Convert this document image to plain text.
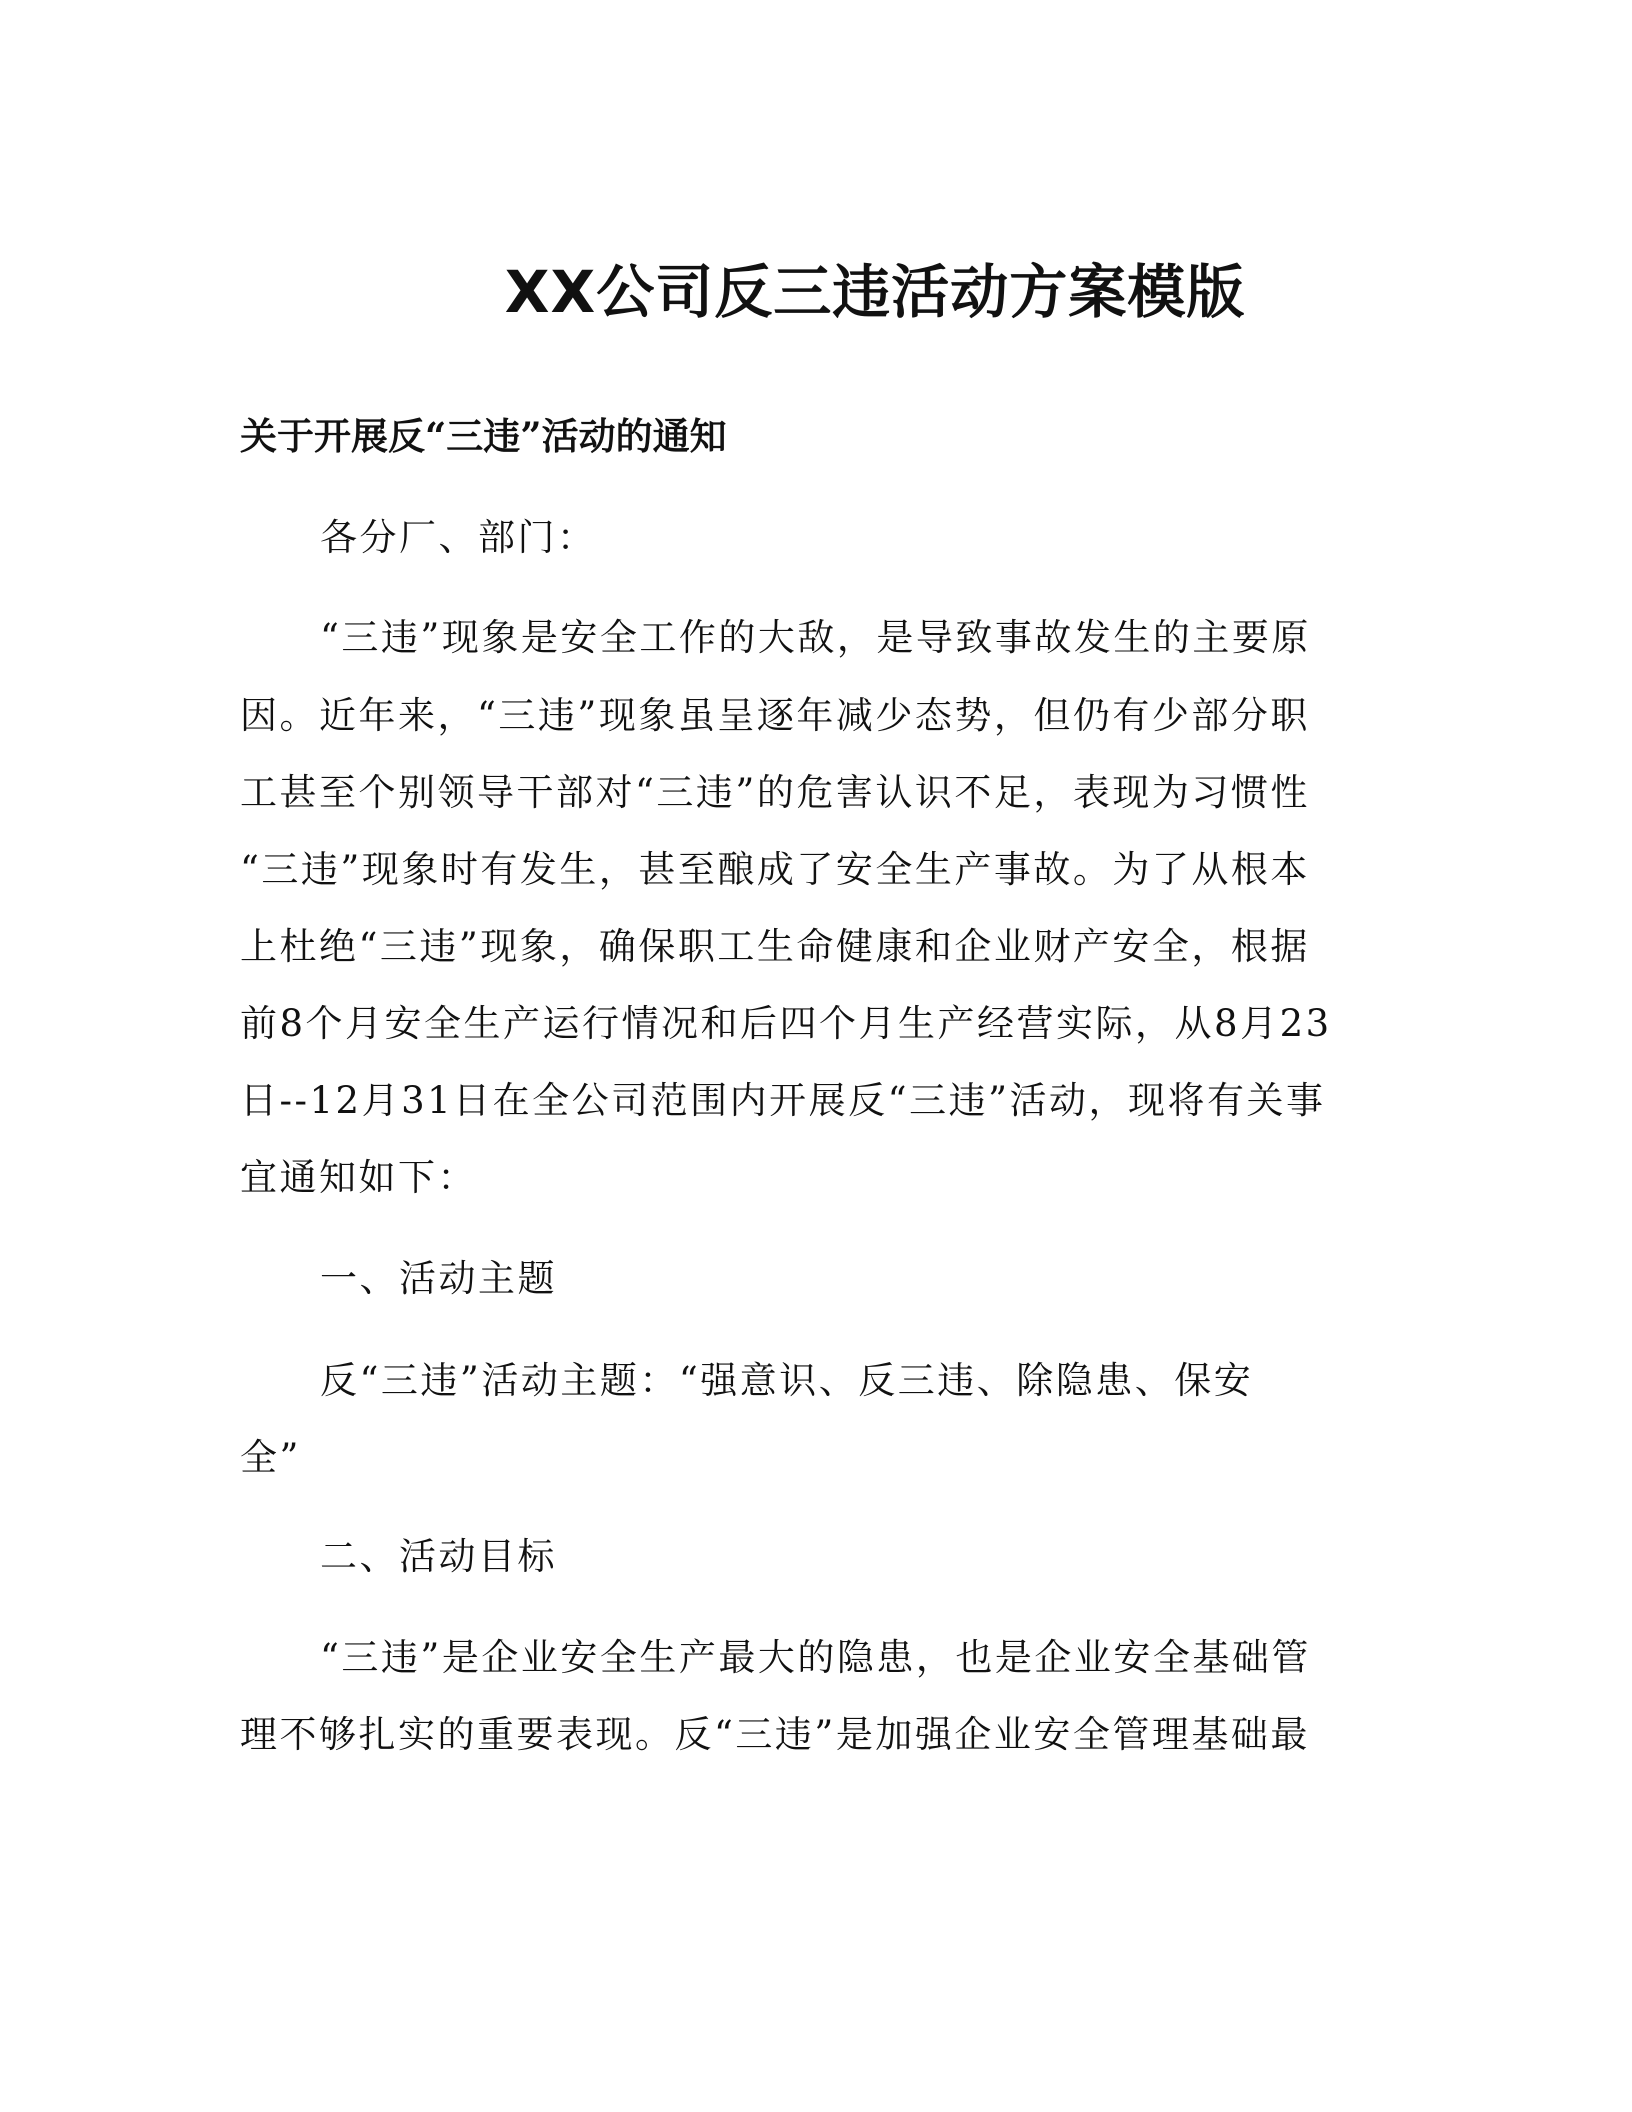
XX公司反三违活动方案模版
关于开展反“三违”活动的通知
各分厂、部门：
“三违”现象是安全工作的大敌，是导致事故发生的主要原
因。近年来，“三违”现象虽呈逐年减少态势，但仍有少部分职
工甚至个别领导干部对“三违”的危害认识不足，表现为习惯性
“三违”现象时有发生，甚至酿成了安全生产事故。为了从根本
上杜绝“三违”现象，确保职工生命健康和企业财产安全，根据
前8个月安全生产运行情况和后四个月生产经营实际，从8月23
日--12月31日在全公司范围内开展反“三违”活动，现将有关事
宜通知如下：
一、活动主题
反“三违”活动主题：“强意识、反三违、除隐患、保安
全”
二、活动目标
“三违”是企业安全生产最大的隐患，也是企业安全基础管
理不够扎实的重要表现。反“三违”是加强企业安全管理基础最
